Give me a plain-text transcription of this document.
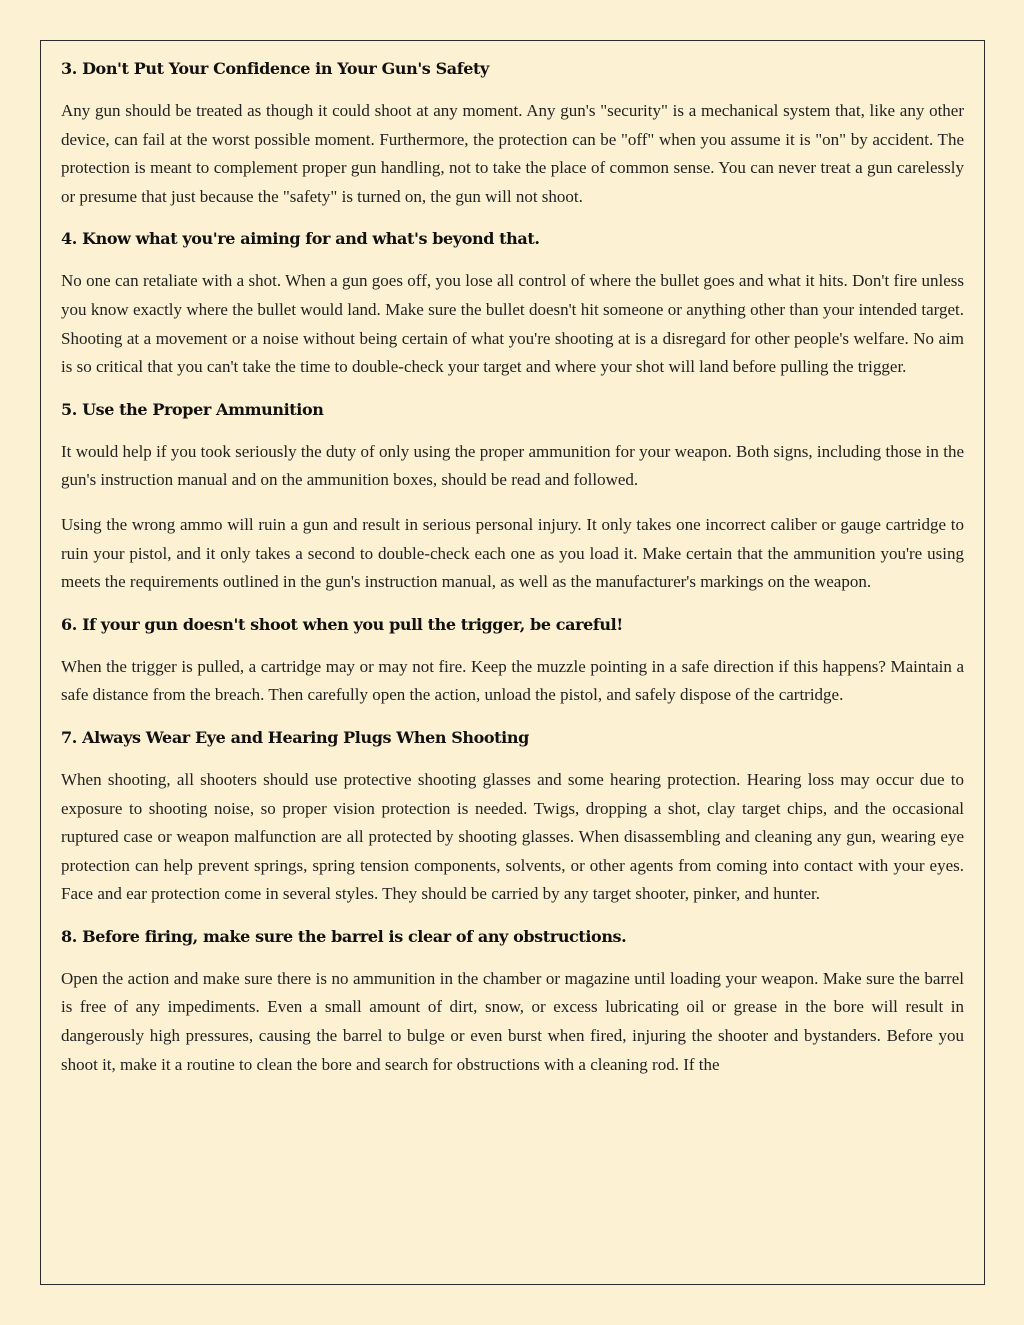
3. Don't Put Your Confidence in Your Gun's Safety

Any gun should be treated as though it could shoot at any moment. Any gun's "security" is a mechanical system that, like any other device, can fail at the worst possible moment. Furthermore, the protection can be "off" when you assume it is "on" by accident. The protection is meant to complement proper gun handling, not to take the place of common sense. You can never treat a gun carelessly or presume that just because the "safety" is turned on, the gun will not shoot.

4. Know what you're aiming for and what's beyond that.

No one can retaliate with a shot. When a gun goes off, you lose all control of where the bullet goes and what it hits. Don't fire unless you know exactly where the bullet would land. Make sure the bullet doesn't hit someone or anything other than your intended target. Shooting at a movement or a noise without being certain of what you're shooting at is a disregard for other people's welfare. No aim is so critical that you can't take the time to double-check your target and where your shot will land before pulling the trigger.

5. Use the Proper Ammunition

It would help if you took seriously the duty of only using the proper ammunition for your weapon. Both signs, including those in the gun's instruction manual and on the ammunition boxes, should be read and followed.

Using the wrong ammo will ruin a gun and result in serious personal injury. It only takes one incorrect caliber or gauge cartridge to ruin your pistol, and it only takes a second to double-check each one as you load it. Make certain that the ammunition you're using meets the requirements outlined in the gun's instruction manual, as well as the manufacturer's markings on the weapon.

6. If your gun doesn't shoot when you pull the trigger, be careful!

When the trigger is pulled, a cartridge may or may not fire. Keep the muzzle pointing in a safe direction if this happens? Maintain a safe distance from the breach. Then carefully open the action, unload the pistol, and safely dispose of the cartridge.

7. Always Wear Eye and Hearing Plugs When Shooting

When shooting, all shooters should use protective shooting glasses and some hearing protection. Hearing loss may occur due to exposure to shooting noise, so proper vision protection is needed. Twigs, dropping a shot, clay target chips, and the occasional ruptured case or weapon malfunction are all protected by shooting glasses. When disassembling and cleaning any gun, wearing eye protection can help prevent springs, spring tension components, solvents, or other agents from coming into contact with your eyes. Face and ear protection come in several styles. They should be carried by any target shooter, pinker, and hunter.

8. Before firing, make sure the barrel is clear of any obstructions.

Open the action and make sure there is no ammunition in the chamber or magazine until loading your weapon. Make sure the barrel is free of any impediments. Even a small amount of dirt, snow, or excess lubricating oil or grease in the bore will result in dangerously high pressures, causing the barrel to bulge or even burst when fired, injuring the shooter and bystanders. Before you shoot it, make it a routine to clean the bore and search for obstructions with a cleaning rod. If the
